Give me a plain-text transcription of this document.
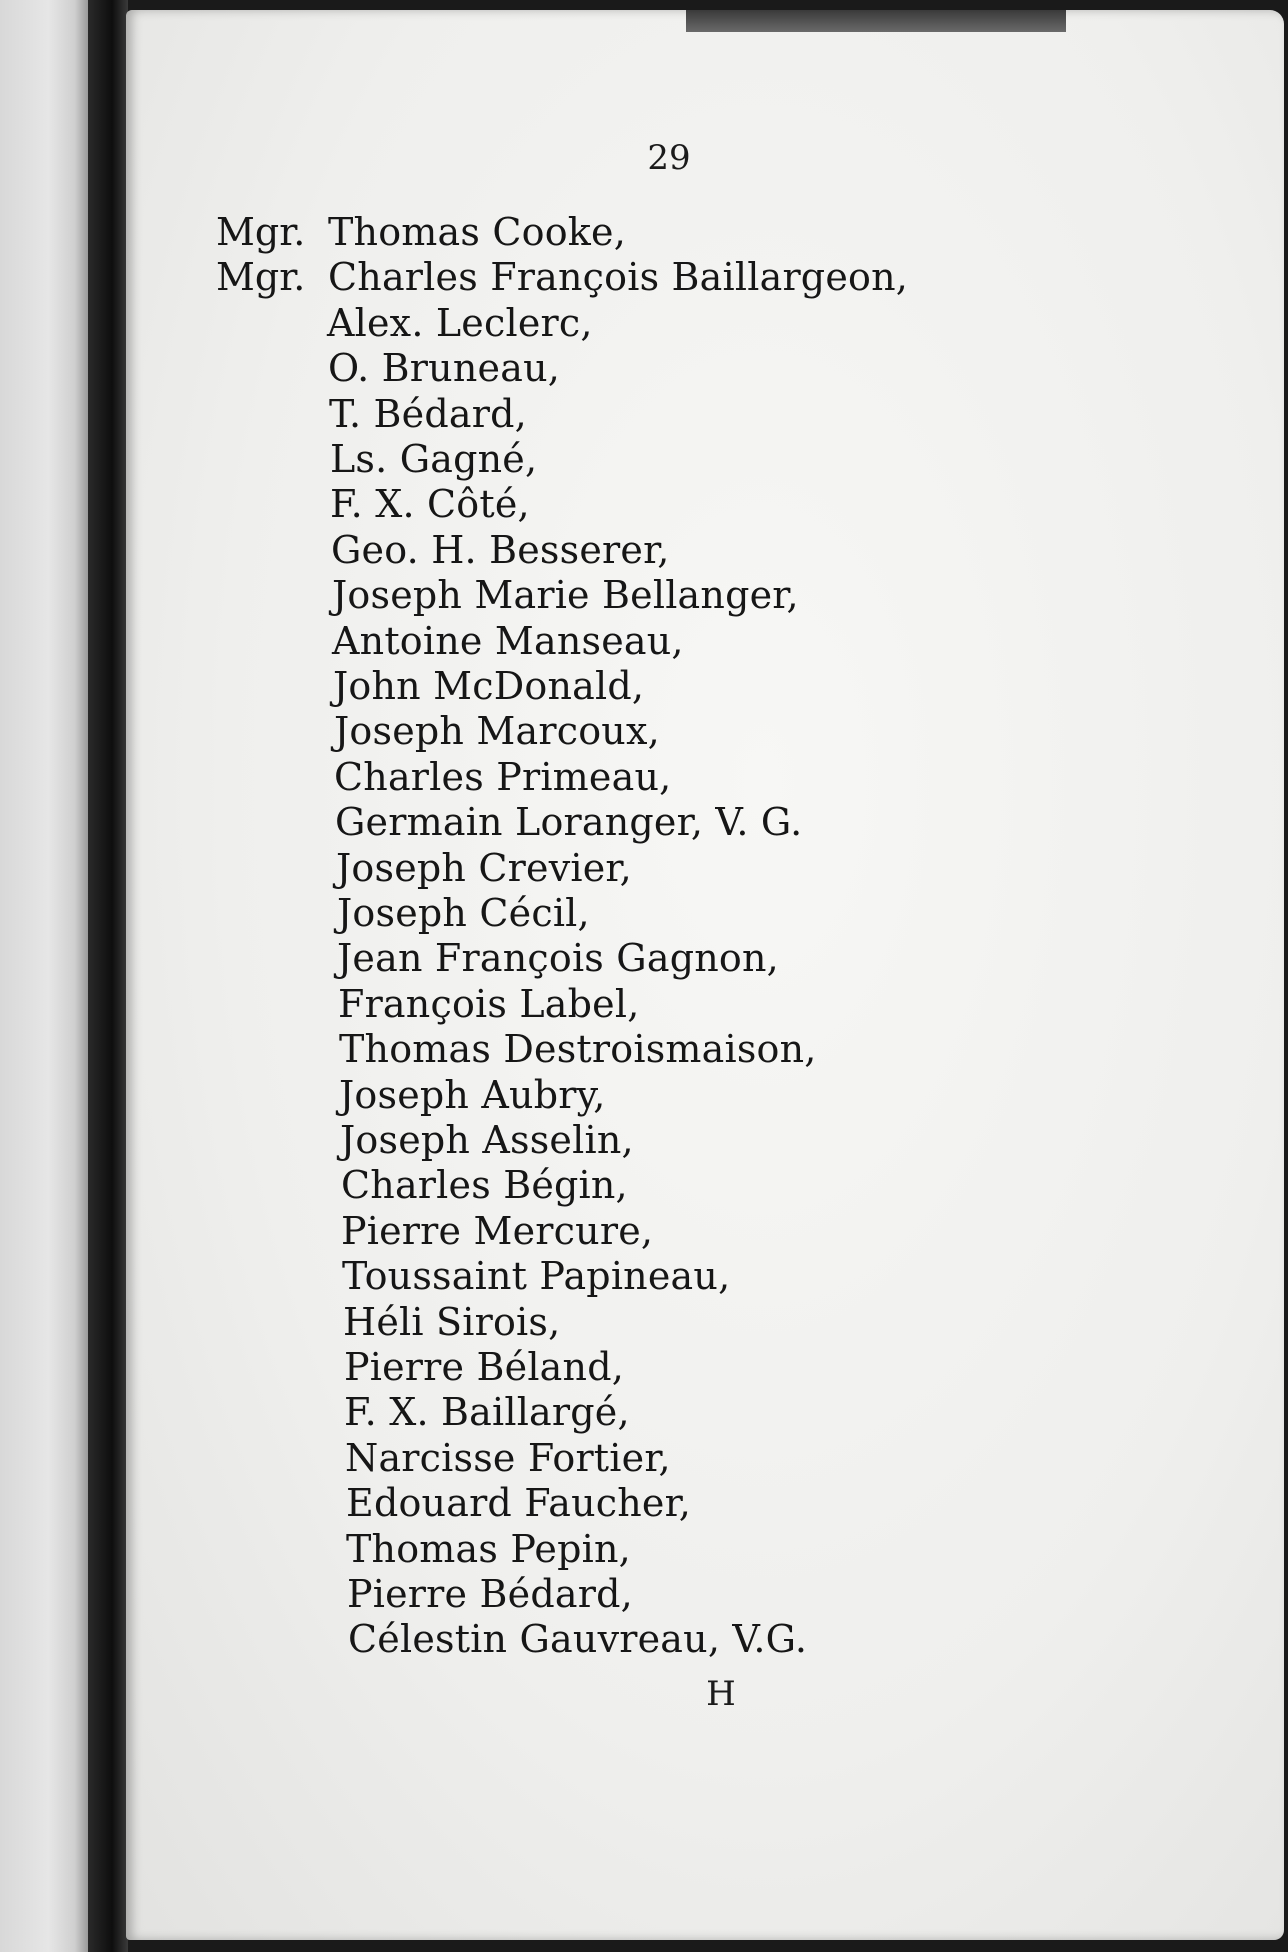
29
Mgr. Thomas Cooke,
Mgr. Charles François Baillargeon,
Alex. Leclerc,
O. Bruneau,
T. Bédard,
Ls. Gagné,
F. X. Côté,
Geo. H. Besserer,
Joseph Marie Bellanger,
Antoine Manseau,
John McDonald,
Joseph Marcoux,
Charles Primeau,
Germain Loranger, V. G.
Joseph Crevier,
Joseph Cécil,
Jean François Gagnon,
François Label,
Thomas Destroismaison,
Joseph Aubry,
Joseph Asselin,
Charles Bégin,
Pierre Mercure,
Toussaint Papineau,
Héli Sirois,
Pierre Béland,
F. X. Baillargé,
Narcisse Fortier,
Edouard Faucher,
Thomas Pepin,
Pierre Bédard,
Célestin Gauvreau, V.G.
H
